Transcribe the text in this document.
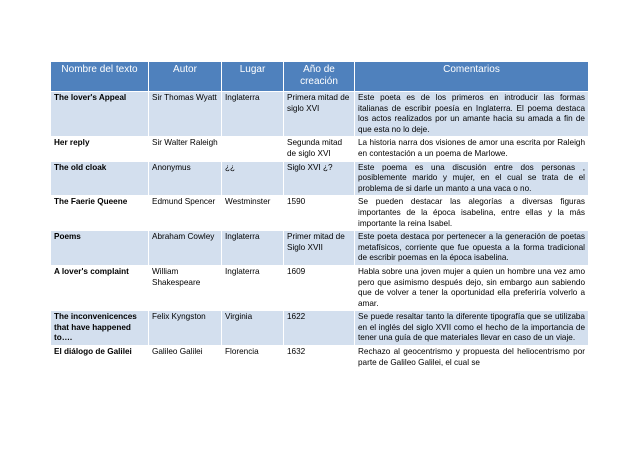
Nombre del texto	Autor	Lugar	Año de creación	Comentarios
The lover's Appeal	Sir Thomas Wyatt	Inglaterra	Primera mitad de siglo XVI	Este poeta es de los primeros en introducir las formas italianas de escribir poesía en Inglaterra. El poema destaca los actos realizados por un amante hacia su amada a fin de que esta no lo deje.
Her reply	Sir Walter Raleigh		Segunda mitad de siglo XVI	La historia narra dos visiones de amor una escrita por Raleigh en contestación a un poema de Marlowe.
The old cloak	Anonymus	¿¿	Siglo XVI ¿?	Este poema es una discusión entre dos personas , posiblemente marido y mujer, en el cual se trata de el problema de si darle un manto a una vaca o no.
The Faerie Queene	Edmund Spencer	Westminster	1590	Se pueden destacar las alegorías a diversas figuras importantes de la época isabelina, entre ellas y la más importante la reina Isabel.
Poems	Abraham Cowley	Inglaterra	Primer mitad de Siglo XVII	Este poeta destaca por pertenecer a la generación de poetas metafísicos, corriente que fue opuesta a la forma tradicional de escribir poemas en la época isabelina.
A lover's complaint	William Shakespeare	Inglaterra	1609	Habla sobre una joven mujer a quien un hombre una vez amo pero que asimismo después dejo, sin embargo aun sabiendo que de volver a tener la oportunidad ella preferiría volverlo a amar.
The inconvenicences that have happened to….	Felix Kyngston	Virginia	1622	Se puede resaltar tanto la diferente tipografía que se utilizaba en el inglés del siglo XVII como el hecho de la importancia de tener una guía de que materiales llevar en caso de un viaje.
El diálogo de Galilei	Galileo Galilei	Florencia	1632	Rechazo al geocentrismo y propuesta del heliocentrismo por parte de Galileo Galilei, el cual se
